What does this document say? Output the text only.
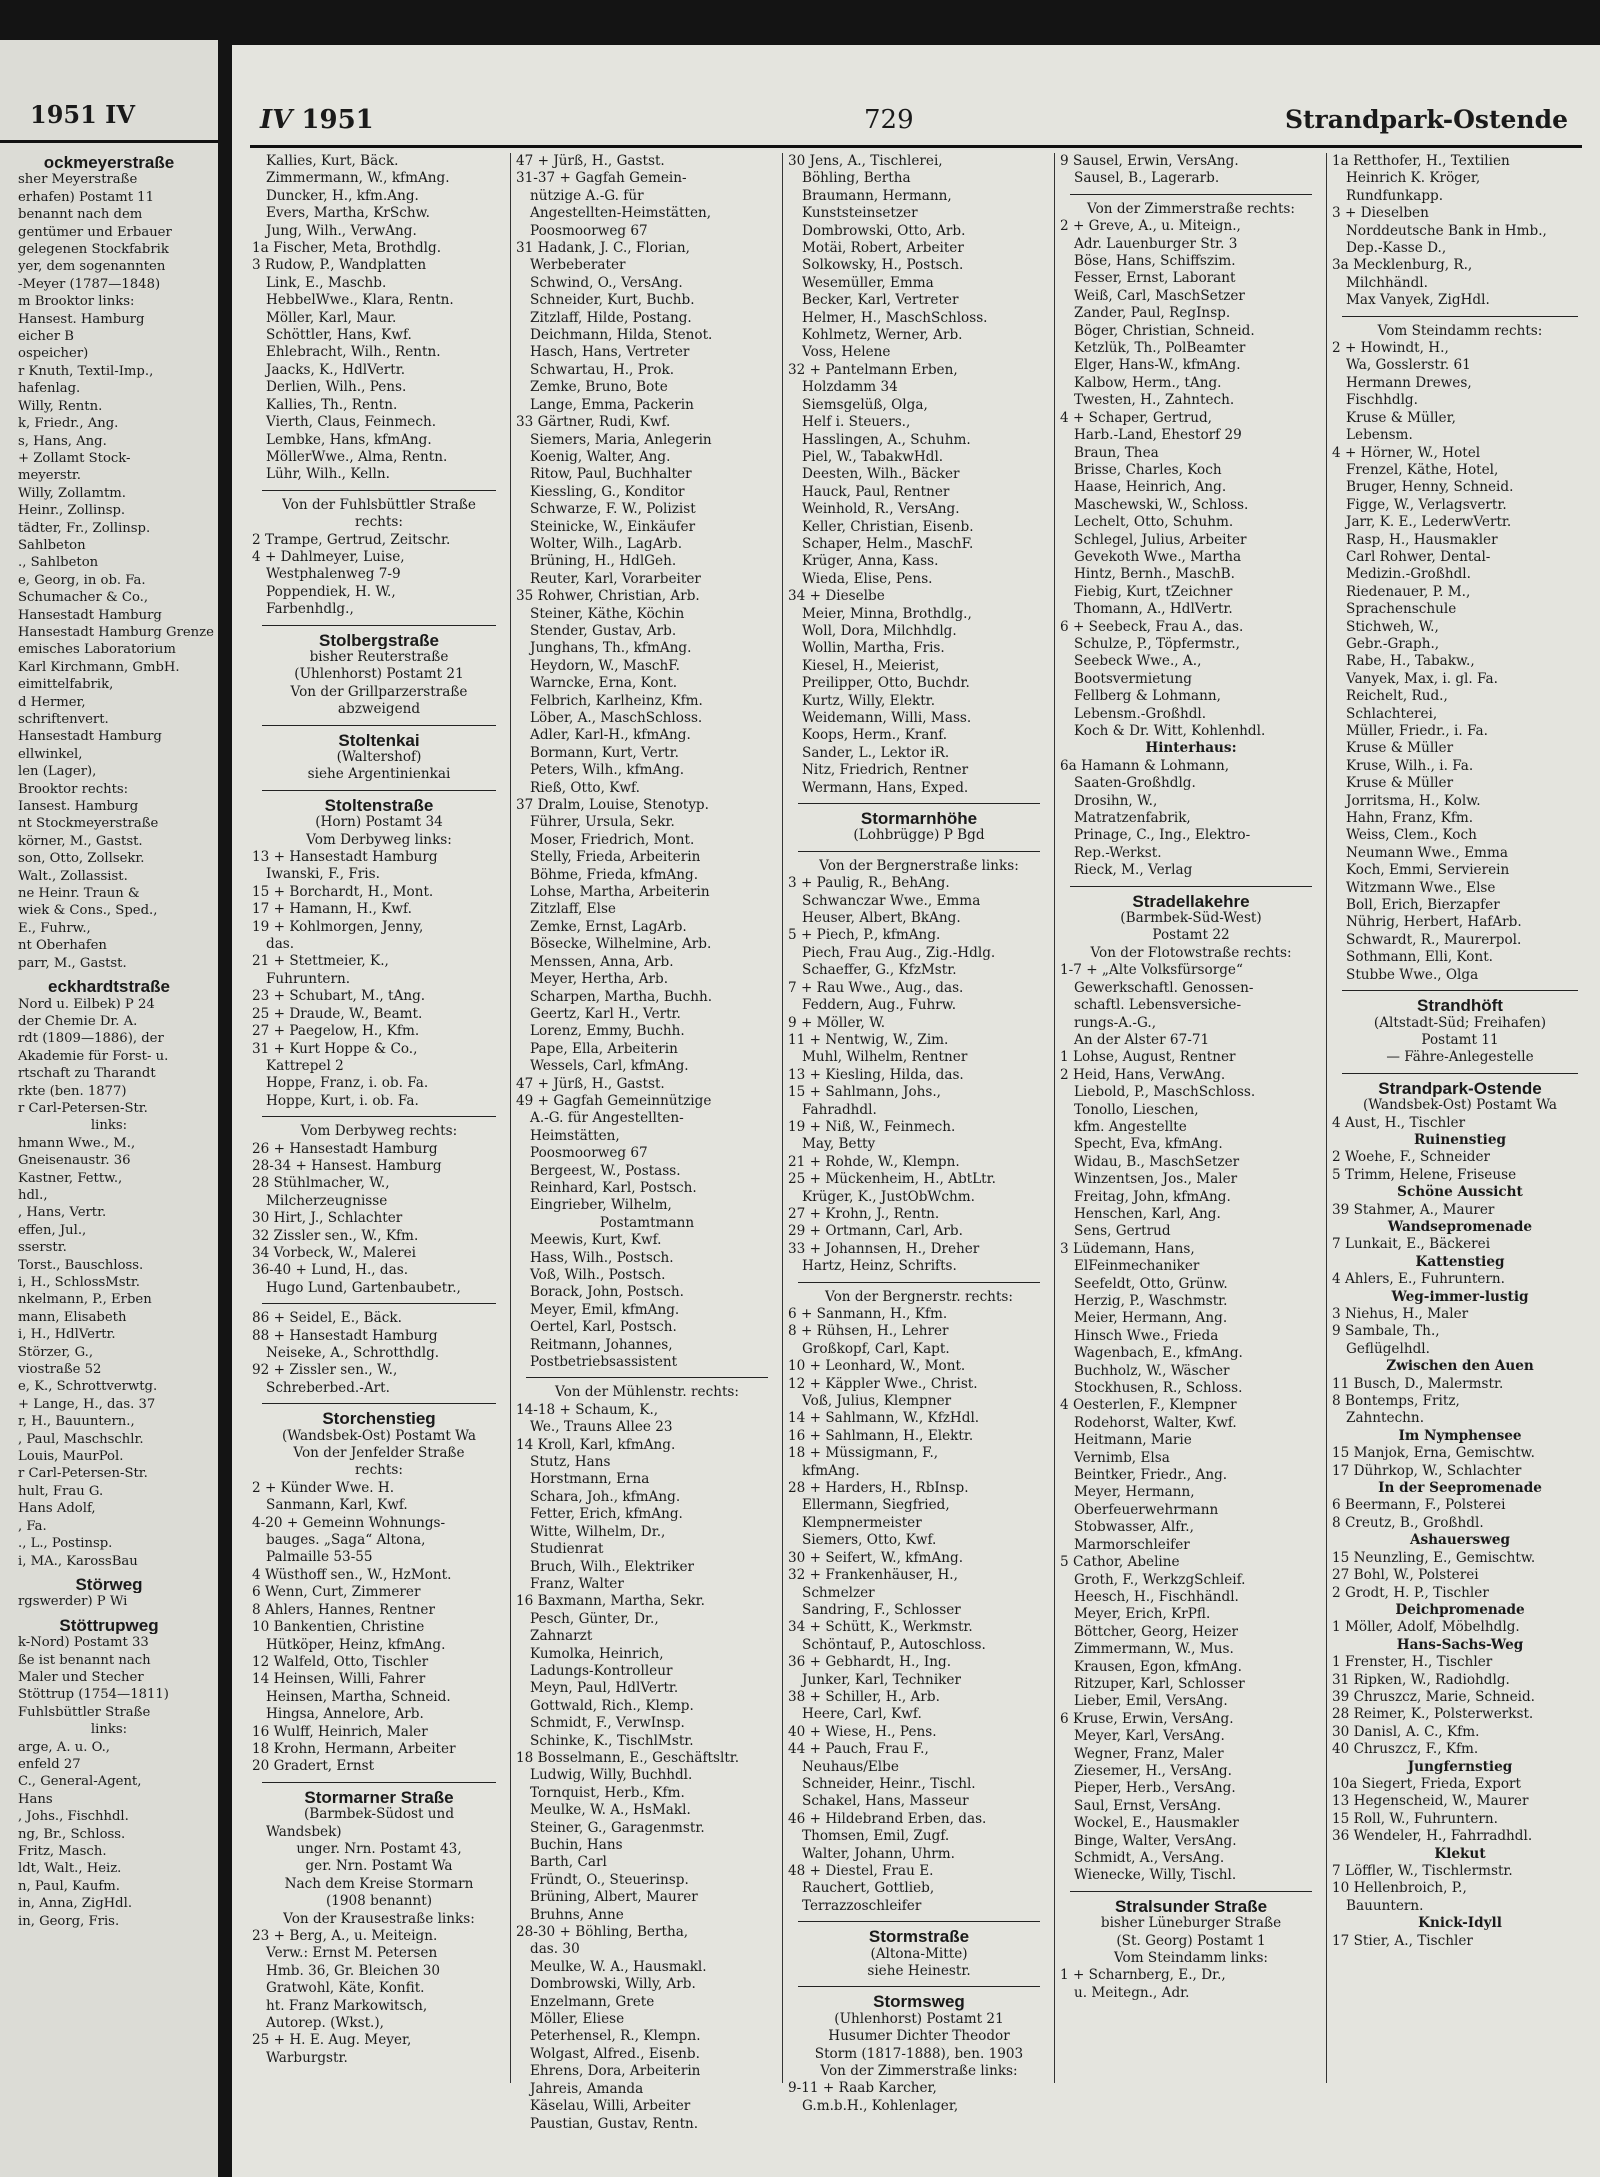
1951 IV
ockmeyerstraße
sher Meyerstraße
erhafen) Postamt 11
benannt nach dem
gentümer und Erbauer
gelegenen Stockfabrik
yer, dem sogenannten
-Meyer (1787—1848)
m Brooktor links:
Hansest. Hamburg
eicher B
ospeicher)
r Knuth, Textil-Imp.,
hafenlag.
Willy, Rentn.
k, Friedr., Ang.
s, Hans, Ang.
+ Zollamt Stock-
meyerstr.
Willy, Zollamtm.
Heinr., Zollinsp.
tädter, Fr., Zollinsp.
Sahlbeton
., Sahlbeton
e, Georg, in ob. Fa.
Schumacher & Co.,
Hansestadt Hamburg
Hansestadt Hamburg Grenze
emisches Laboratorium
Karl Kirchmann, GmbH.
eimittelfabrik,
d Hermer,
schriftenvert.
Hansestadt Hamburg
ellwinkel,
len (Lager),
Brooktor rechts:
Iansest. Hamburg
nt Stockmeyerstraße
körner, M., Gastst.
son, Otto, Zollsekr.
Walt., Zollassist.
ne Heinr. Traun &
wiek & Cons., Sped.,
E., Fuhrw.,
nt Oberhafen
parr, M., Gastst.
eckhardtstraße
Nord u. Eilbek) P 24
der Chemie Dr. A.
rdt (1809—1886), der
Akademie für Forst- u.
rtschaft zu Tharandt
rkte (ben. 1877)
r Carl-Petersen-Str.
links:
hmann Wwe., M.,
Gneisenaustr. 36
Kastner, Fettw.,
hdl.,
, Hans, Vertr.
effen, Jul.,
sserstr.
Torst., Bauschloss.
i, H., SchlossMstr.
nkelmann, P., Erben
mann, Elisabeth
i, H., HdlVertr.
Störzer, G.,
viostraße 52
e, K., Schrottverwtg.
+ Lange, H., das. 37
r, H., Bauuntern.,
, Paul, Maschschlr.
Louis, MaurPol.
r Carl-Petersen-Str.
hult, Frau G.
Hans Adolf,
, Fa.
., L., Postinsp.
i, MA., KarossBau
Störweg
rgswerder) P Wi
Stöttrupweg
k-Nord) Postamt 33
ße ist benannt nach
Maler und Stecher
Stöttrup (1754—1811)
Fuhlsbüttler Straße
links:
arge, A. u. O.,
enfeld 27
C., General-Agent,
Hans
, Johs., Fischhdl.
ng, Br., Schloss.
Fritz, Masch.
ldt, Walt., Heiz.
n, Paul, Kaufm.
in, Anna, ZigHdl.
in, Georg, Fris.
IV 1951	729	Strandpark-Ostende
Kallies, Kurt, Bäck.
Zimmermann, W., kfmAng.
Duncker, H., kfm.Ang.
Evers, Martha, KrSchw.
Jung, Wilh., VerwAng.
1a Fischer, Meta, Brothdlg.
3 Rudow, P., Wandplatten
Link, E., Maschb.
HebbelWwe., Klara, Rentn.
Möller, Karl, Maur.
Schöttler, Hans, Kwf.
Ehlebracht, Wilh., Rentn.
Jaacks, K., HdlVertr.
Derlien, Wilh., Pens.
Kallies, Th., Rentn.
Vierth, Claus, Feinmech.
Lembke, Hans, kfmAng.
MöllerWwe., Alma, Rentn.
Lühr, Wilh., Kelln.
Von der Fuhlsbüttler Straße
rechts:
2 Trampe, Gertrud, Zeitschr.
4 + Dahlmeyer, Luise,
Westphalenweg 7-9
Poppendiek, H. W.,
Farbenhdlg.,
Stolbergstraße
bisher Reuterstraße
(Uhlenhorst) Postamt 21
Von der Grillparzerstraße
abzweigend
Stoltenkai
(Waltershof)
siehe Argentinienkai
Stoltenstraße
(Horn) Postamt 34
Vom Derbyweg links:
13 + Hansestadt Hamburg
Iwanski, F., Fris.
15 + Borchardt, H., Mont.
17 + Hamann, H., Kwf.
19 + Kohlmorgen, Jenny,
das.
21 + Stettmeier, K.,
Fuhruntern.
23 + Schubart, M., tAng.
25 + Draude, W., Beamt.
27 + Paegelow, H., Kfm.
31 + Kurt Hoppe & Co.,
Kattrepel 2
Hoppe, Franz, i. ob. Fa.
Hoppe, Kurt, i. ob. Fa.
Vom Derbyweg rechts:
26 + Hansestadt Hamburg
28-34 + Hansest. Hamburg
28 Stühlmacher, W.,
Milcherzeugnisse
30 Hirt, J., Schlachter
32 Zissler sen., W., Kfm.
34 Vorbeck, W., Malerei
36-40 + Lund, H., das.
Hugo Lund, Gartenbaubetr.,
86 + Seidel, E., Bäck.
88 + Hansestadt Hamburg
Neiseke, A., Schrotthdlg.
92 + Zissler sen., W.,
Schreberbed.-Art.
Storchenstieg
(Wandsbek-Ost) Postamt Wa
Von der Jenfelder Straße
rechts:
2 + Künder Wwe. H.
Sanmann, Karl, Kwf.
4-20 + Gemeinn Wohnungs-
bauges. „Saga“ Altona,
Palmaille 53-55
4 Wüsthoff sen., W., HzMont.
6 Wenn, Curt, Zimmerer
8 Ahlers, Hannes, Rentner
10 Bankentien, Christine
Hütköper, Heinz, kfmAng.
12 Walfeld, Otto, Tischler
14 Heinsen, Willi, Fahrer
Heinsen, Martha, Schneid.
Hingsa, Annelore, Arb.
16 Wulff, Heinrich, Maler
18 Krohn, Hermann, Arbeiter
20 Gradert, Ernst
Stormarner Straße
(Barmbek-Südost und
Wandsbek)
unger. Nrn. Postamt 43,
ger. Nrn. Postamt Wa
Nach dem Kreise Stormarn
(1908 benannt)
Von der Krausestraße links:
23 + Berg, A., u. Meiteign.
Verw.: Ernst M. Petersen
Hmb. 36, Gr. Bleichen 30
Gratwohl, Käte, Konfit.
ht. Franz Markowitsch,
Autorep. (Wkst.),
25 + H. E. Aug. Meyer,
Warburgstr.
47 + Jürß, H., Gastst.
31-37 + Gagfah Gemein-
nützige A.-G. für
Angestellten-Heimstätten,
Poosmoorweg 67
31 Hadank, J. C., Florian,
Werbeberater
Schwind, O., VersAng.
Schneider, Kurt, Buchb.
Zitzlaff, Hilde, Postang.
Deichmann, Hilda, Stenot.
Hasch, Hans, Vertreter
Schwartau, H., Prok.
Zemke, Bruno, Bote
Lange, Emma, Packerin
33 Gärtner, Rudi, Kwf.
Siemers, Maria, Anlegerin
Koenig, Walter, Ang.
Ritow, Paul, Buchhalter
Kiessling, G., Konditor
Schwarze, F. W., Polizist
Steinicke, W., Einkäufer
Wolter, Wilh., LagArb.
Brüning, H., HdlGeh.
Reuter, Karl, Vorarbeiter
35 Rohwer, Christian, Arb.
Steiner, Käthe, Köchin
Stender, Gustav, Arb.
Junghans, Th., kfmAng.
Heydorn, W., MaschF.
Warncke, Erna, Kont.
Felbrich, Karlheinz, Kfm.
Löber, A., MaschSchloss.
Adler, Karl-H., kfmAng.
Bormann, Kurt, Vertr.
Peters, Wilh., kfmAng.
Rieß, Otto, Kwf.
37 Dralm, Louise, Stenotyp.
Führer, Ursula, Sekr.
Moser, Friedrich, Mont.
Stelly, Frieda, Arbeiterin
Böhme, Frieda, kfmAng.
Lohse, Martha, Arbeiterin
Zitzlaff, Else
Zemke, Ernst, LagArb.
Bösecke, Wilhelmine, Arb.
Menssen, Anna, Arb.
Meyer, Hertha, Arb.
Scharpen, Martha, Buchh.
Geertz, Karl H., Vertr.
Lorenz, Emmy, Buchh.
Pape, Ella, Arbeiterin
Wessels, Carl, kfmAng.
47 + Jürß, H., Gastst.
49 + Gagfah Gemeinnützige
A.-G. für Angestellten-
Heimstätten,
Poosmoorweg 67
Bergeest, W., Postass.
Reinhard, Karl, Postsch.
Eingrieber, Wilhelm,
Postamtmann
Meewis, Kurt, Kwf.
Hass, Wilh., Postsch.
Voß, Wilh., Postsch.
Borack, John, Postsch.
Meyer, Emil, kfmAng.
Oertel, Karl, Postsch.
Reitmann, Johannes,
Postbetriebsassistent
Von der Mühlenstr. rechts:
14-18 + Schaum, K.,
We., Trauns Allee 23
14 Kroll, Karl, kfmAng.
Stutz, Hans
Horstmann, Erna
Schara, Joh., kfmAng.
Fetter, Erich, kfmAng.
Witte, Wilhelm, Dr.,
Studienrat
Bruch, Wilh., Elektriker
Franz, Walter
16 Baxmann, Martha, Sekr.
Pesch, Günter, Dr.,
Zahnarzt
Kumolka, Heinrich,
Ladungs-Kontrolleur
Meyn, Paul, HdlVertr.
Gottwald, Rich., Klemp.
Schmidt, F., VerwInsp.
Schinke, K., TischlMstr.
18 Bosselmann, E., Geschäftsltr.
Ludwig, Willy, Buchhdl.
Tornquist, Herb., Kfm.
Meulke, W. A., HsMakl.
Steiner, G., Garagenmstr.
Buchin, Hans
Barth, Carl
Fründt, O., Steuerinsp.
Brüning, Albert, Maurer
Bruhns, Anne
28-30 + Böhling, Bertha,
das. 30
Meulke, W. A., Hausmakl.
Dombrowski, Willy, Arb.
Enzelmann, Grete
Möller, Eliese
Peterhensel, R., Klempn.
Wolgast, Alfred., Eisenb.
Ehrens, Dora, Arbeiterin
Jahreis, Amanda
Käselau, Willi, Arbeiter
Paustian, Gustav, Rentn.
30 Jens, A., Tischlerei,
Böhling, Bertha
Braumann, Hermann,
Kunststeinsetzer
Dombrowski, Otto, Arb.
Motäi, Robert, Arbeiter
Solkowsky, H., Postsch.
Wesemüller, Emma
Becker, Karl, Vertreter
Helmer, H., MaschSchloss.
Kohlmetz, Werner, Arb.
Voss, Helene
32 + Pantelmann Erben,
Holzdamm 34
Siemsgelüß, Olga,
Helf i. Steuers.,
Hasslingen, A., Schuhm.
Piel, W., TabakwHdl.
Deesten, Wilh., Bäcker
Hauck, Paul, Rentner
Weinhold, R., VersAng.
Keller, Christian, Eisenb.
Schaper, Helm., MaschF.
Krüger, Anna, Kass.
Wieda, Elise, Pens.
34 + Dieselbe
Meier, Minna, Brothdlg.,
Woll, Dora, Milchhdlg.
Wollin, Martha, Fris.
Kiesel, H., Meierist,
Preilipper, Otto, Buchdr.
Kurtz, Willy, Elektr.
Weidemann, Willi, Mass.
Koops, Herm., Kranf.
Sander, L., Lektor iR.
Nitz, Friedrich, Rentner
Wermann, Hans, Exped.
Stormarnhöhe
(Lohbrügge) P Bgd
Von der Bergnerstraße links:
3 + Paulig, R., BehAng.
Schwanczar Wwe., Emma
Heuser, Albert, BkAng.
5 + Piech, P., kfmAng.
Piech, Frau Aug., Zig.-Hdlg.
Schaeffer, G., KfzMstr.
7 + Rau Wwe., Aug., das.
Feddern, Aug., Fuhrw.
9 + Möller, W.
11 + Nentwig, W., Zim.
Muhl, Wilhelm, Rentner
13 + Kiesling, Hilda, das.
15 + Sahlmann, Johs.,
Fahradhdl.
19 + Niß, W., Feinmech.
May, Betty
21 + Rohde, W., Klempn.
25 + Mückenheim, H., AbtLtr.
Krüger, K., JustObWchm.
27 + Krohn, J., Rentn.
29 + Ortmann, Carl, Arb.
33 + Johannsen, H., Dreher
Hartz, Heinz, Schrifts.
Von der Bergnerstr. rechts:
6 + Sanmann, H., Kfm.
8 + Rühsen, H., Lehrer
Großkopf, Carl, Kapt.
10 + Leonhard, W., Mont.
12 + Käppler Wwe., Christ.
Voß, Julius, Klempner
14 + Sahlmann, W., KfzHdl.
16 + Sahlmann, H., Elektr.
18 + Müssigmann, F.,
kfmAng.
28 + Harders, H., RbInsp.
Ellermann, Siegfried,
Klempnermeister
Siemers, Otto, Kwf.
30 + Seifert, W., kfmAng.
32 + Frankenhäuser, H.,
Schmelzer
Sandring, F., Schlosser
34 + Schütt, K., Werkmstr.
Schöntauf, P., Autoschloss.
36 + Gebhardt, H., Ing.
Junker, Karl, Techniker
38 + Schiller, H., Arb.
Heere, Carl, Kwf.
40 + Wiese, H., Pens.
44 + Pauch, Frau F.,
Neuhaus/Elbe
Schneider, Heinr., Tischl.
Schakel, Hans, Masseur
46 + Hildebrand Erben, das.
Thomsen, Emil, Zugf.
Walter, Johann, Uhrm.
48 + Diestel, Frau E.
Rauchert, Gottlieb,
Terrazzoschleifer
Stormstraße
(Altona-Mitte)
siehe Heinestr.
Stormsweg
(Uhlenhorst) Postamt 21
Husumer Dichter Theodor
Storm (1817-1888), ben. 1903
Von der Zimmerstraße links:
9-11 + Raab Karcher,
G.m.b.H., Kohlenlager,
9 Sausel, Erwin, VersAng.
Sausel, B., Lagerarb.
Von der Zimmerstraße rechts:
2 + Greve, A., u. Miteign.,
Adr. Lauenburger Str. 3
Böse, Hans, Schiffszim.
Fesser, Ernst, Laborant
Weiß, Carl, MaschSetzer
Zander, Paul, RegInsp.
Böger, Christian, Schneid.
Ketzlük, Th., PolBeamter
Elger, Hans-W., kfmAng.
Kalbow, Herm., tAng.
Twesten, H., Zahntech.
4 + Schaper, Gertrud,
Harb.-Land, Ehestorf 29
Braun, Thea
Brisse, Charles, Koch
Haase, Heinrich, Ang.
Maschewski, W., Schloss.
Lechelt, Otto, Schuhm.
Schlegel, Julius, Arbeiter
Gevekoth Wwe., Martha
Hintz, Bernh., MaschB.
Fiebig, Kurt, tZeichner
Thomann, A., HdlVertr.
6 + Seebeck, Frau A., das.
Schulze, P., Töpfermstr.,
Seebeck Wwe., A.,
Bootsvermietung
Fellberg & Lohmann,
Lebensm.-Großhdl.
Koch & Dr. Witt, Kohlenhdl.
Hinterhaus:
6a Hamann & Lohmann,
Saaten-Großhdlg.
Drosihn, W.,
Matratzenfabrik,
Prinage, C., Ing., Elektro-
Rep.-Werkst.
Rieck, M., Verlag
Stradellakehre
(Barmbek-Süd-West)
Postamt 22
Von der Flotowstraße rechts:
1-7 + „Alte Volksfürsorge“
Gewerkschaftl. Genossen-
schaftl. Lebensversiche-
rungs-A.-G.,
An der Alster 67-71
1 Lohse, August, Rentner
2 Heid, Hans, VerwAng.
Liebold, P., MaschSchloss.
Tonollo, Lieschen,
kfm. Angestellte
Specht, Eva, kfmAng.
Widau, B., MaschSetzer
Winzentsen, Jos., Maler
Freitag, John, kfmAng.
Henschen, Karl, Ang.
Sens, Gertrud
3 Lüdemann, Hans,
ElFeinmechaniker
Seefeldt, Otto, Grünw.
Herzig, P., Waschmstr.
Meier, Hermann, Ang.
Hinsch Wwe., Frieda
Wagenbach, E., kfmAng.
Buchholz, W., Wäscher
Stockhusen, R., Schloss.
4 Oesterlen, F., Klempner
Rodehorst, Walter, Kwf.
Heitmann, Marie
Vernimb, Elsa
Beintker, Friedr., Ang.
Meyer, Hermann,
Oberfeuerwehrmann
Stobwasser, Alfr.,
Marmorschleifer
5 Cathor, Abeline
Groth, F., WerkzgSchleif.
Heesch, H., Fischhändl.
Meyer, Erich, KrPfl.
Böttcher, Georg, Heizer
Zimmermann, W., Mus.
Krausen, Egon, kfmAng.
Ritzuper, Karl, Schlosser
Lieber, Emil, VersAng.
6 Kruse, Erwin, VersAng.
Meyer, Karl, VersAng.
Wegner, Franz, Maler
Ziesemer, H., VersAng.
Pieper, Herb., VersAng.
Saul, Ernst, VersAng.
Wockel, E., Hausmakler
Binge, Walter, VersAng.
Schmidt, A., VersAng.
Wienecke, Willy, Tischl.
Stralsunder Straße
bisher Lüneburger Straße
(St. Georg) Postamt 1
Vom Steindamm links:
1 + Scharnberg, E., Dr.,
u. Meitegn., Adr.
1a Retthofer, H., Textilien
Heinrich K. Kröger,
Rundfunkapp.
3 + Dieselben
Norddeutsche Bank in Hmb.,
Dep.-Kasse D.,
3a Mecklenburg, R.,
Milchhändl.
Max Vanyek, ZigHdl.
Vom Steindamm rechts:
2 + Howindt, H.,
Wa, Gosslerstr. 61
Hermann Drewes,
Fischhdlg.
Kruse & Müller,
Lebensm.
4 + Hörner, W., Hotel
Frenzel, Käthe, Hotel,
Bruger, Henny, Schneid.
Figge, W., Verlagsvertr.
Jarr, K. E., LederwVertr.
Rasp, H., Hausmakler
Carl Rohwer, Dental-
Medizin.-Großhdl.
Riedenauer, P. M.,
Sprachenschule
Stichweh, W.,
Gebr.-Graph.,
Rabe, H., Tabakw.,
Vanyek, Max, i. gl. Fa.
Reichelt, Rud.,
Schlachterei,
Müller, Friedr., i. Fa.
Kruse & Müller
Kruse, Wilh., i. Fa.
Kruse & Müller
Jorritsma, H., Kolw.
Hahn, Franz, Kfm.
Weiss, Clem., Koch
Neumann Wwe., Emma
Koch, Emmi, Servierein
Witzmann Wwe., Else
Boll, Erich, Bierzapfer
Nührig, Herbert, HafArb.
Schwardt, R., Maurerpol.
Sothmann, Elli, Kont.
Stubbe Wwe., Olga
Strandhöft
(Altstadt-Süd; Freihafen)
Postamt 11
— Fähre-Anlegestelle
Strandpark-Ostende
(Wandsbek-Ost) Postamt Wa
4 Aust, H., Tischler
Ruinenstieg
2 Woehe, F., Schneider
5 Trimm, Helene, Friseuse
Schöne Aussicht
39 Stahmer, A., Maurer
Wandsepromenade
7 Lunkait, E., Bäckerei
Kattenstieg
4 Ahlers, E., Fuhruntern.
Weg-immer-lustig
3 Niehus, H., Maler
9 Sambale, Th.,
Geflügelhdl.
Zwischen den Auen
11 Busch, D., Malermstr.
8 Bontemps, Fritz,
Zahntechn.
Im Nymphensee
15 Manjok, Erna, Gemischtw.
17 Dührkop, W., Schlachter
In der Seepromenade
6 Beermann, F., Polsterei
8 Creutz, B., Großhdl.
Ashauersweg
15 Neunzling, E., Gemischtw.
27 Bohl, W., Polsterei
2 Grodt, H. P., Tischler
Deichpromenade
1 Möller, Adolf, Möbelhdlg.
Hans-Sachs-Weg
1 Frenster, H., Tischler
31 Ripken, W., Radiohdlg.
39 Chruszcz, Marie, Schneid.
28 Reimer, K., Polsterwerkst.
30 Danisl, A. C., Kfm.
40 Chruszcz, F., Kfm.
Jungfernstieg
10a Siegert, Frieda, Export
13 Hegenscheid, W., Maurer
15 Roll, W., Fuhruntern.
36 Wendeler, H., Fahrradhdl.
Klekut
7 Löffler, W., Tischlermstr.
10 Hellenbroich, P.,
Bauuntern.
Knick-Idyll
17 Stier, A., Tischler
